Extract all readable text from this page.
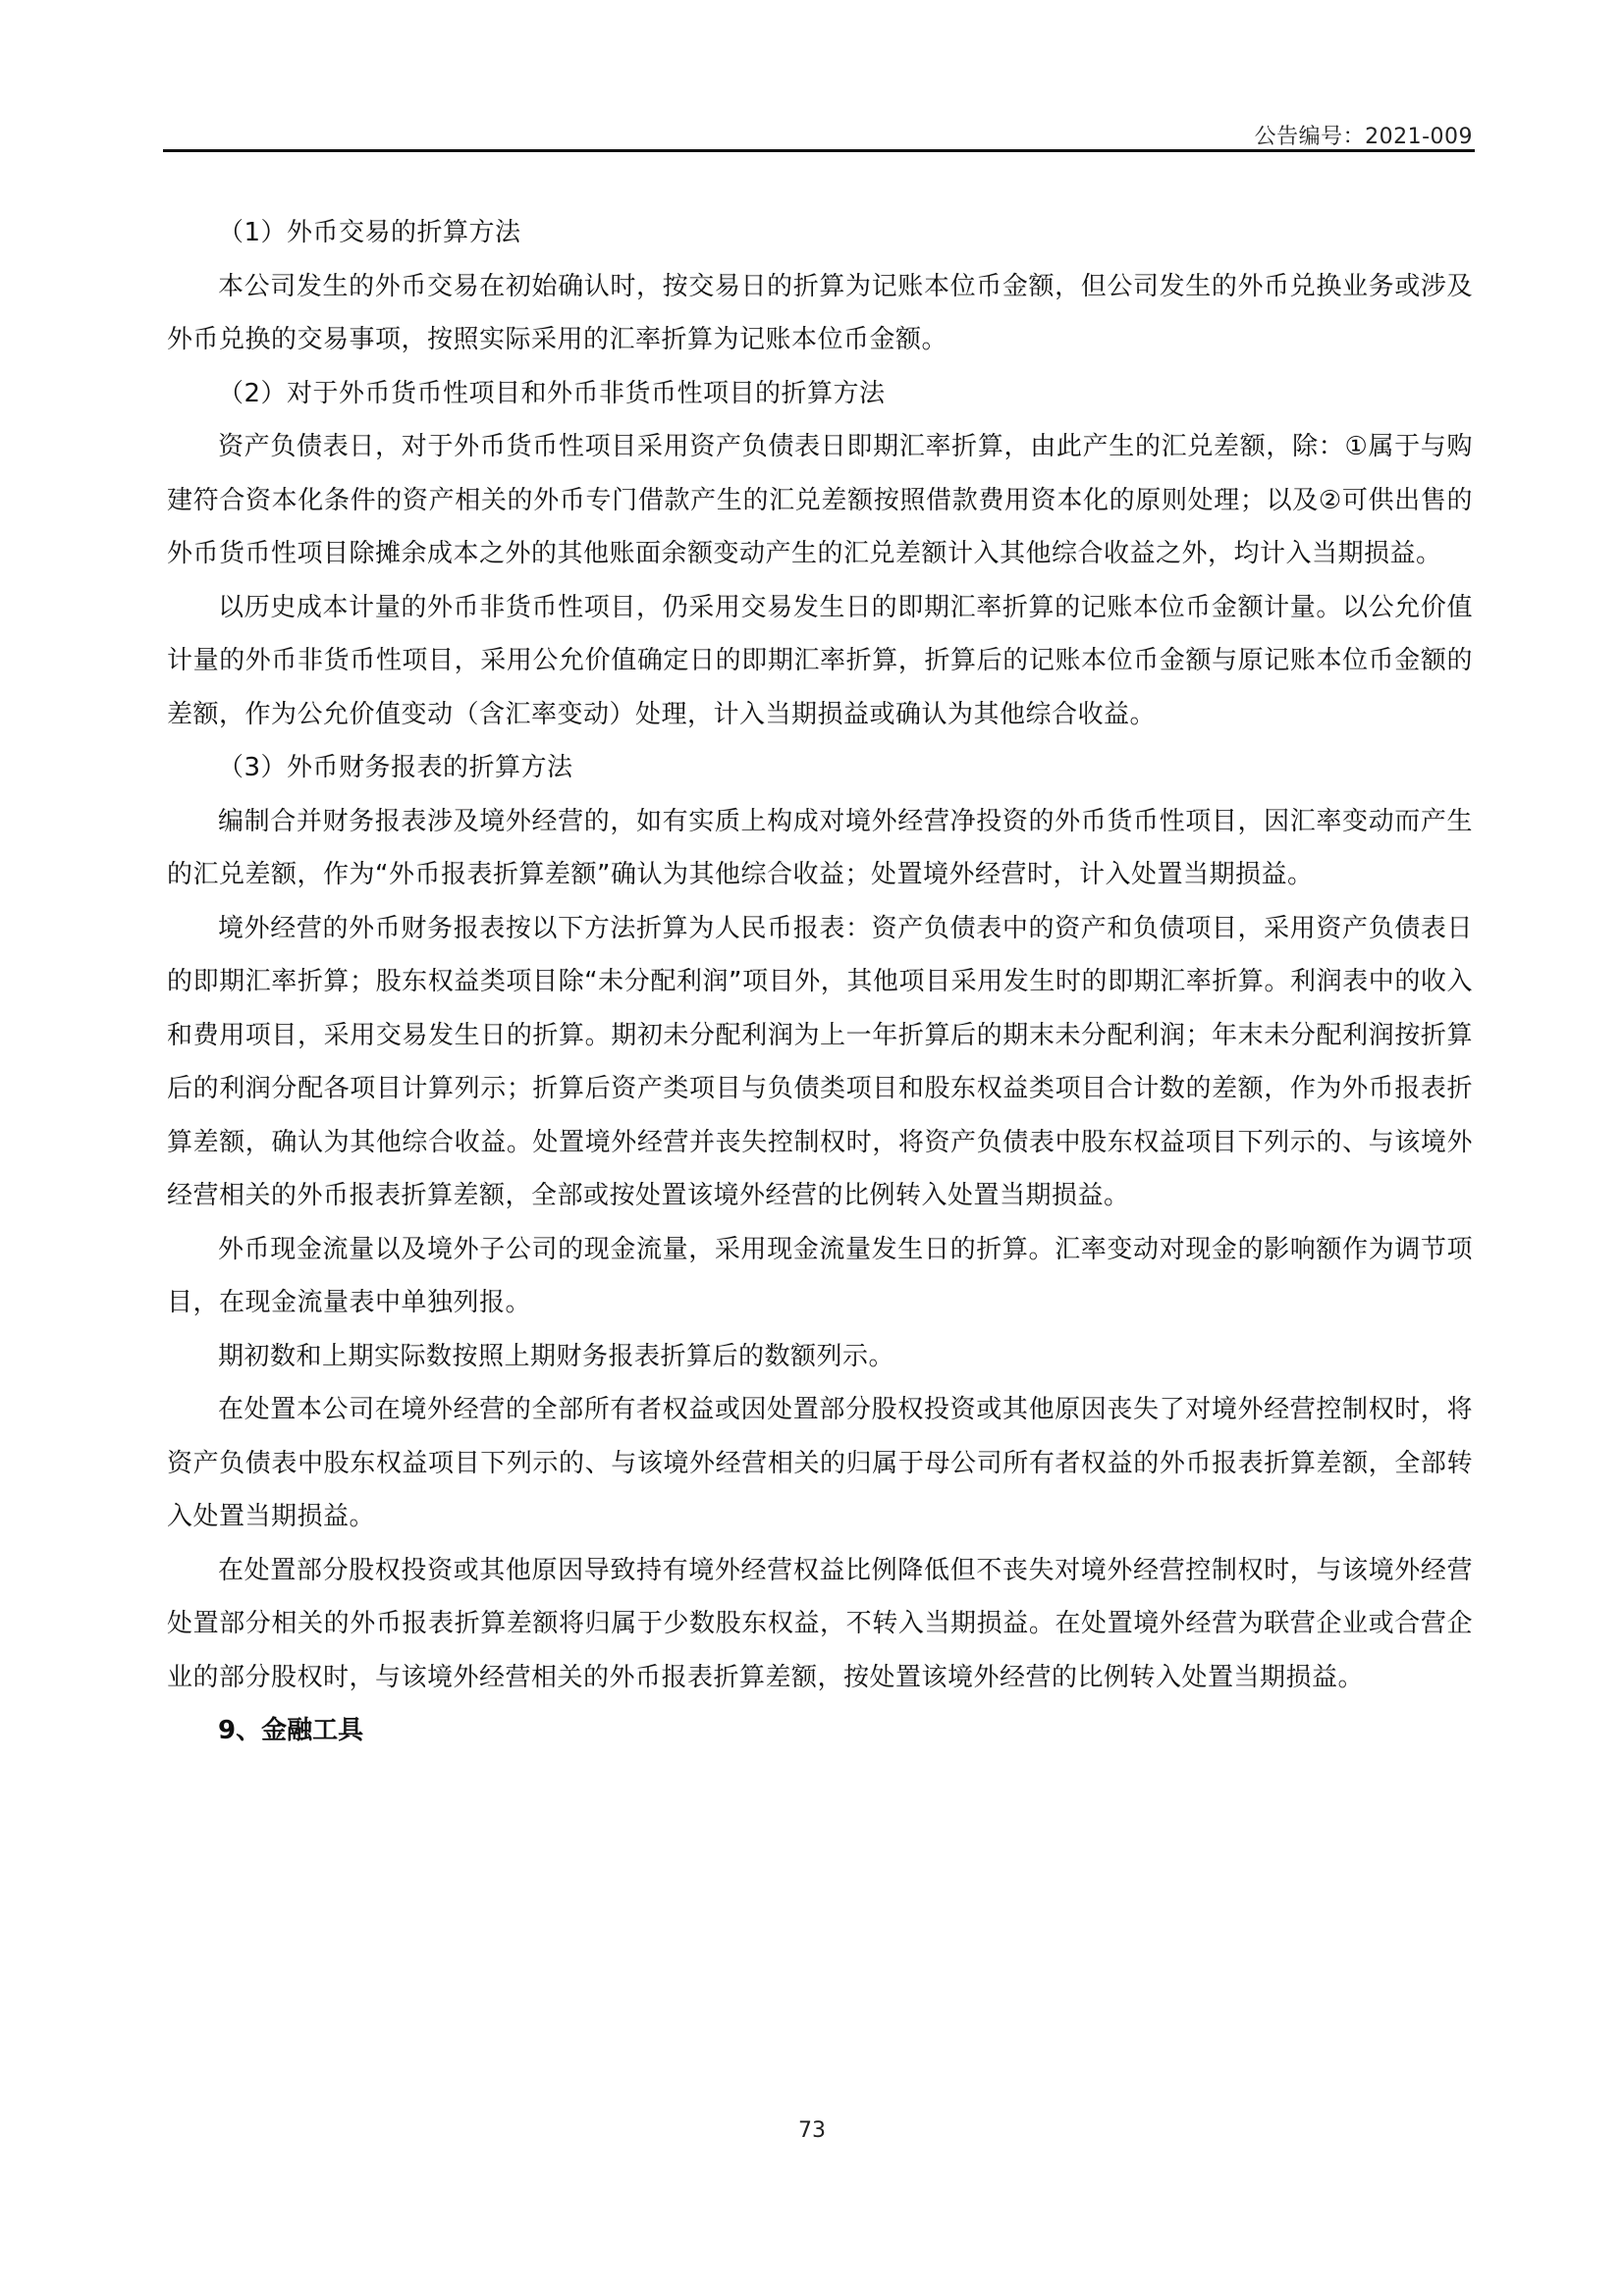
公告编号：2021-009

（1）外币交易的折算方法

本公司发生的外币交易在初始确认时，按交易日的折算为记账本位币金额，但公司发生的外币兑换业务或涉及外币兑换的交易事项，按照实际采用的汇率折算为记账本位币金额。

（2）对于外币货币性项目和外币非货币性项目的折算方法

资产负债表日，对于外币货币性项目采用资产负债表日即期汇率折算，由此产生的汇兑差额，除：①属于与购建符合资本化条件的资产相关的外币专门借款产生的汇兑差额按照借款费用资本化的原则处理；以及②可供出售的外币货币性项目除摊余成本之外的其他账面余额变动产生的汇兑差额计入其他综合收益之外，均计入当期损益。

以历史成本计量的外币非货币性项目，仍采用交易发生日的即期汇率折算的记账本位币金额计量。以公允价值计量的外币非货币性项目，采用公允价值确定日的即期汇率折算，折算后的记账本位币金额与原记账本位币金额的差额，作为公允价值变动（含汇率变动）处理，计入当期损益或确认为其他综合收益。

（3）外币财务报表的折算方法

编制合并财务报表涉及境外经营的，如有实质上构成对境外经营净投资的外币货币性项目，因汇率变动而产生的汇兑差额，作为“外币报表折算差额”确认为其他综合收益；处置境外经营时，计入处置当期损益。

境外经营的外币财务报表按以下方法折算为人民币报表：资产负债表中的资产和负债项目，采用资产负债表日的即期汇率折算；股东权益类项目除“未分配利润”项目外，其他项目采用发生时的即期汇率折算。利润表中的收入和费用项目，采用交易发生日的折算。期初未分配利润为上一年折算后的期末未分配利润；年末未分配利润按折算后的利润分配各项目计算列示；折算后资产类项目与负债类项目和股东权益类项目合计数的差额，作为外币报表折算差额，确认为其他综合收益。处置境外经营并丧失控制权时，将资产负债表中股东权益项目下列示的、与该境外经营相关的外币报表折算差额，全部或按处置该境外经营的比例转入处置当期损益。

外币现金流量以及境外子公司的现金流量，采用现金流量发生日的折算。汇率变动对现金的影响额作为调节项目，在现金流量表中单独列报。

期初数和上期实际数按照上期财务报表折算后的数额列示。

在处置本公司在境外经营的全部所有者权益或因处置部分股权投资或其他原因丧失了对境外经营控制权时，将资产负债表中股东权益项目下列示的、与该境外经营相关的归属于母公司所有者权益的外币报表折算差额，全部转入处置当期损益。

在处置部分股权投资或其他原因导致持有境外经营权益比例降低但不丧失对境外经营控制权时，与该境外经营处置部分相关的外币报表折算差额将归属于少数股东权益，不转入当期损益。在处置境外经营为联营企业或合营企业的部分股权时，与该境外经营相关的外币报表折算差额，按处置该境外经营的比例转入处置当期损益。

9、金融工具

73
